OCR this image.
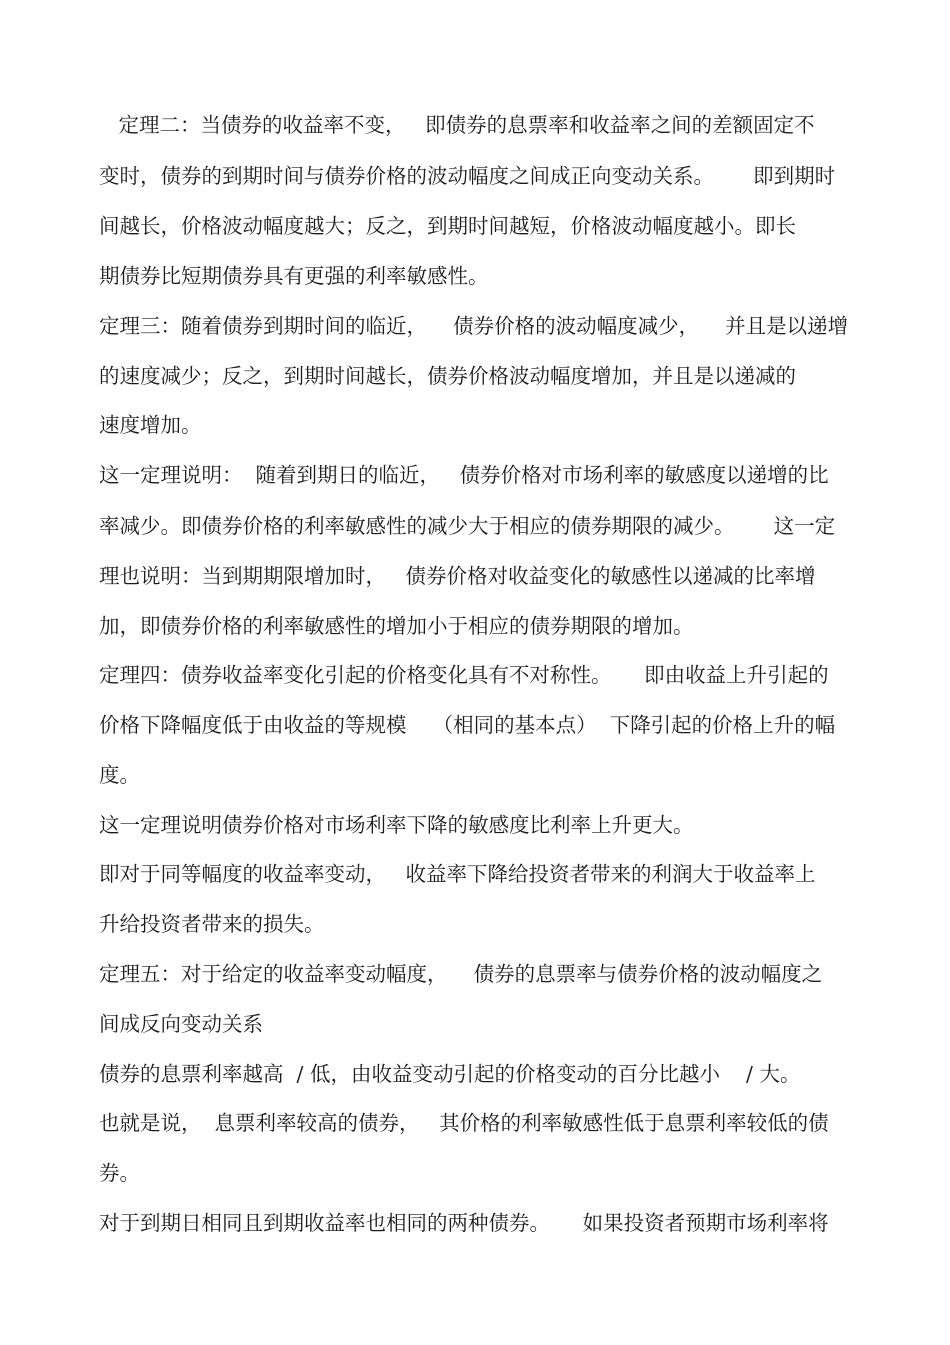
定理二：当债券的收益率不变，   即债券的息票率和收益率之间的差额固定不
变时，债券的到期时间与债券价格的波动幅度之间成正向变动关系。      即到期时
间越长，价格波动幅度越大；反之，到期时间越短，价格波动幅度越小。即长
期债券比短期债券具有更强的利率敏感性。
定理三：随着债券到期时间的临近，    债券价格的波动幅度减少，    并且是以递增
的速度减少；反之，到期时间越长，债券价格波动幅度增加，并且是以递减的
速度增加。
这一定理说明：  随着到期日的临近，   债券价格对市场利率的敏感度以递增的比
率减少。即债券价格的利率敏感性的减少大于相应的债券期限的减少。      这一定
理也说明：当到期期限增加时，   债券价格对收益变化的敏感性以递减的比率增
加，即债券价格的利率敏感性的增加小于相应的债券期限的增加。
定理四：债券收益率变化引起的价格变化具有不对称性。     即由收益上升引起的
价格下降幅度低于由收益的等规模    （相同的基本点）  下降引起的价格上升的幅
度。
这一定理说明债券价格对市场利率下降的敏感度比利率上升更大。
即对于同等幅度的收益率变动，   收益率下降给投资者带来的利润大于收益率上
升给投资者带来的损失。
定理五：对于给定的收益率变动幅度，    债券的息票率与债券价格的波动幅度之
间成反向变动关系
债券的息票利率越高  / 低，由收益变动引起的价格变动的百分比越小    / 大。
也就是说，  息票利率较高的债券，   其价格的利率敏感性低于息票利率较低的债
券。
对于到期日相同且到期收益率也相同的两种债券。     如果投资者预期市场利率将
